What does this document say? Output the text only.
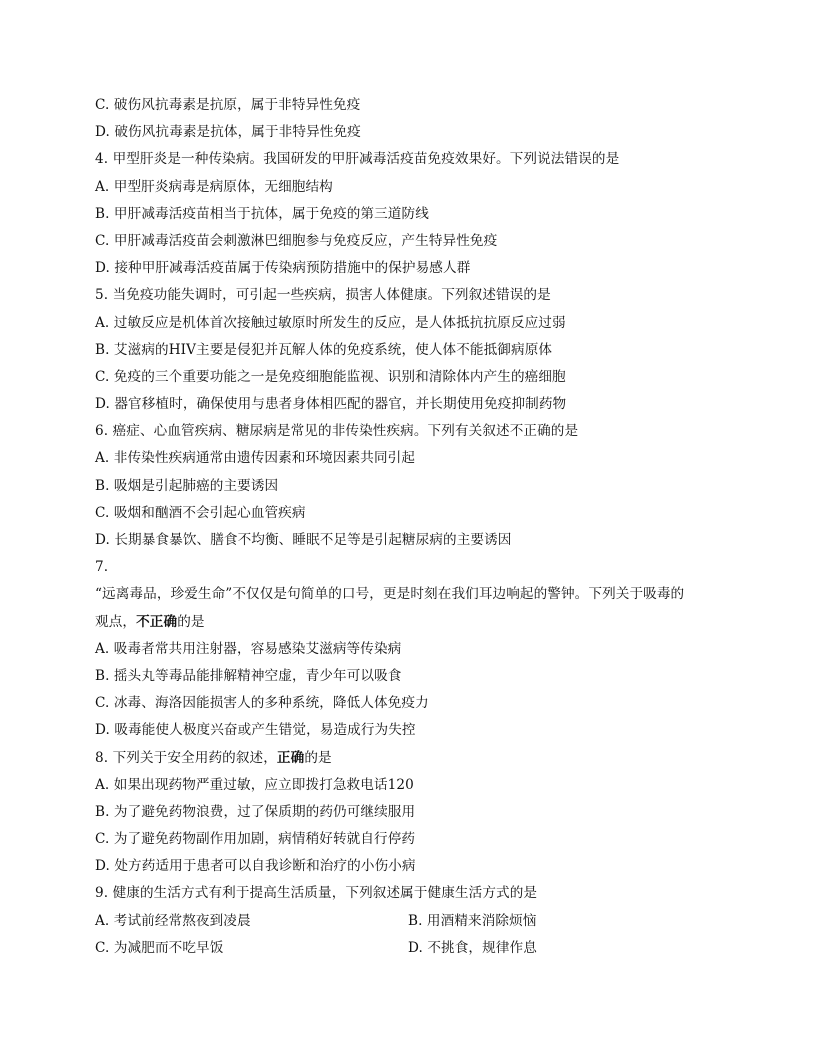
C. 破伤风抗毒素是抗原，属于非特异性免疫
D. 破伤风抗毒素是抗体，属于非特异性免疫
4. 甲型肝炎是一种传染病。我国研发的甲肝减毒活疫苗免疫效果好。下列说法错误的是
A. 甲型肝炎病毒是病原体，无细胞结构
B. 甲肝减毒活疫苗相当于抗体，属于免疫的第三道防线
C. 甲肝减毒活疫苗会刺激淋巴细胞参与免疫反应，产生特异性免疫
D. 接种甲肝减毒活疫苗属于传染病预防措施中的保护易感人群
5. 当免疫功能失调时，可引起一些疾病，损害人体健康。下列叙述错误的是
A. 过敏反应是机体首次接触过敏原时所发生的反应，是人体抵抗抗原反应过弱
B. 艾滋病的HIV主要是侵犯并瓦解人体的免疫系统，使人体不能抵御病原体
C. 免疫的三个重要功能之一是免疫细胞能监视、识别和清除体内产生的癌细胞
D. 器官移植时，确保使用与患者身体相匹配的器官，并长期使用免疫抑制药物
6. 癌症、心血管疾病、糖尿病是常见的非传染性疾病。下列有关叙述不正确的是
A. 非传染性疾病通常由遗传因素和环境因素共同引起
B. 吸烟是引起肺癌的主要诱因
C. 吸烟和酗酒不会引起心血管疾病
D. 长期暴食暴饮、膳食不均衡、睡眠不足等是引起糖尿病的主要诱因
7.
“远离毒品，珍爱生命”不仅仅是句简单的口号，更是时刻在我们耳边响起的警钟。下列关于吸毒的
观点，不正确的是
A. 吸毒者常共用注射器，容易感染艾滋病等传染病
B. 摇头丸等毒品能排解精神空虚，青少年可以吸食
C. 冰毒、海洛因能损害人的多种系统，降低人体免疫力
D. 吸毒能使人极度兴奋或产生错觉，易造成行为失控
8. 下列关于安全用药的叙述，正确的是
A. 如果出现药物严重过敏，应立即拨打急救电话120
B. 为了避免药物浪费，过了保质期的药仍可继续服用
C. 为了避免药物副作用加剧，病情稍好转就自行停药
D. 处方药适用于患者可以自我诊断和治疗的小伤小病
9. 健康的生活方式有利于提高生活质量，下列叙述属于健康生活方式的是
A. 考试前经常熬夜到凌晨	B. 用酒精来消除烦恼
C. 为减肥而不吃早饭	D. 不挑食，规律作息
